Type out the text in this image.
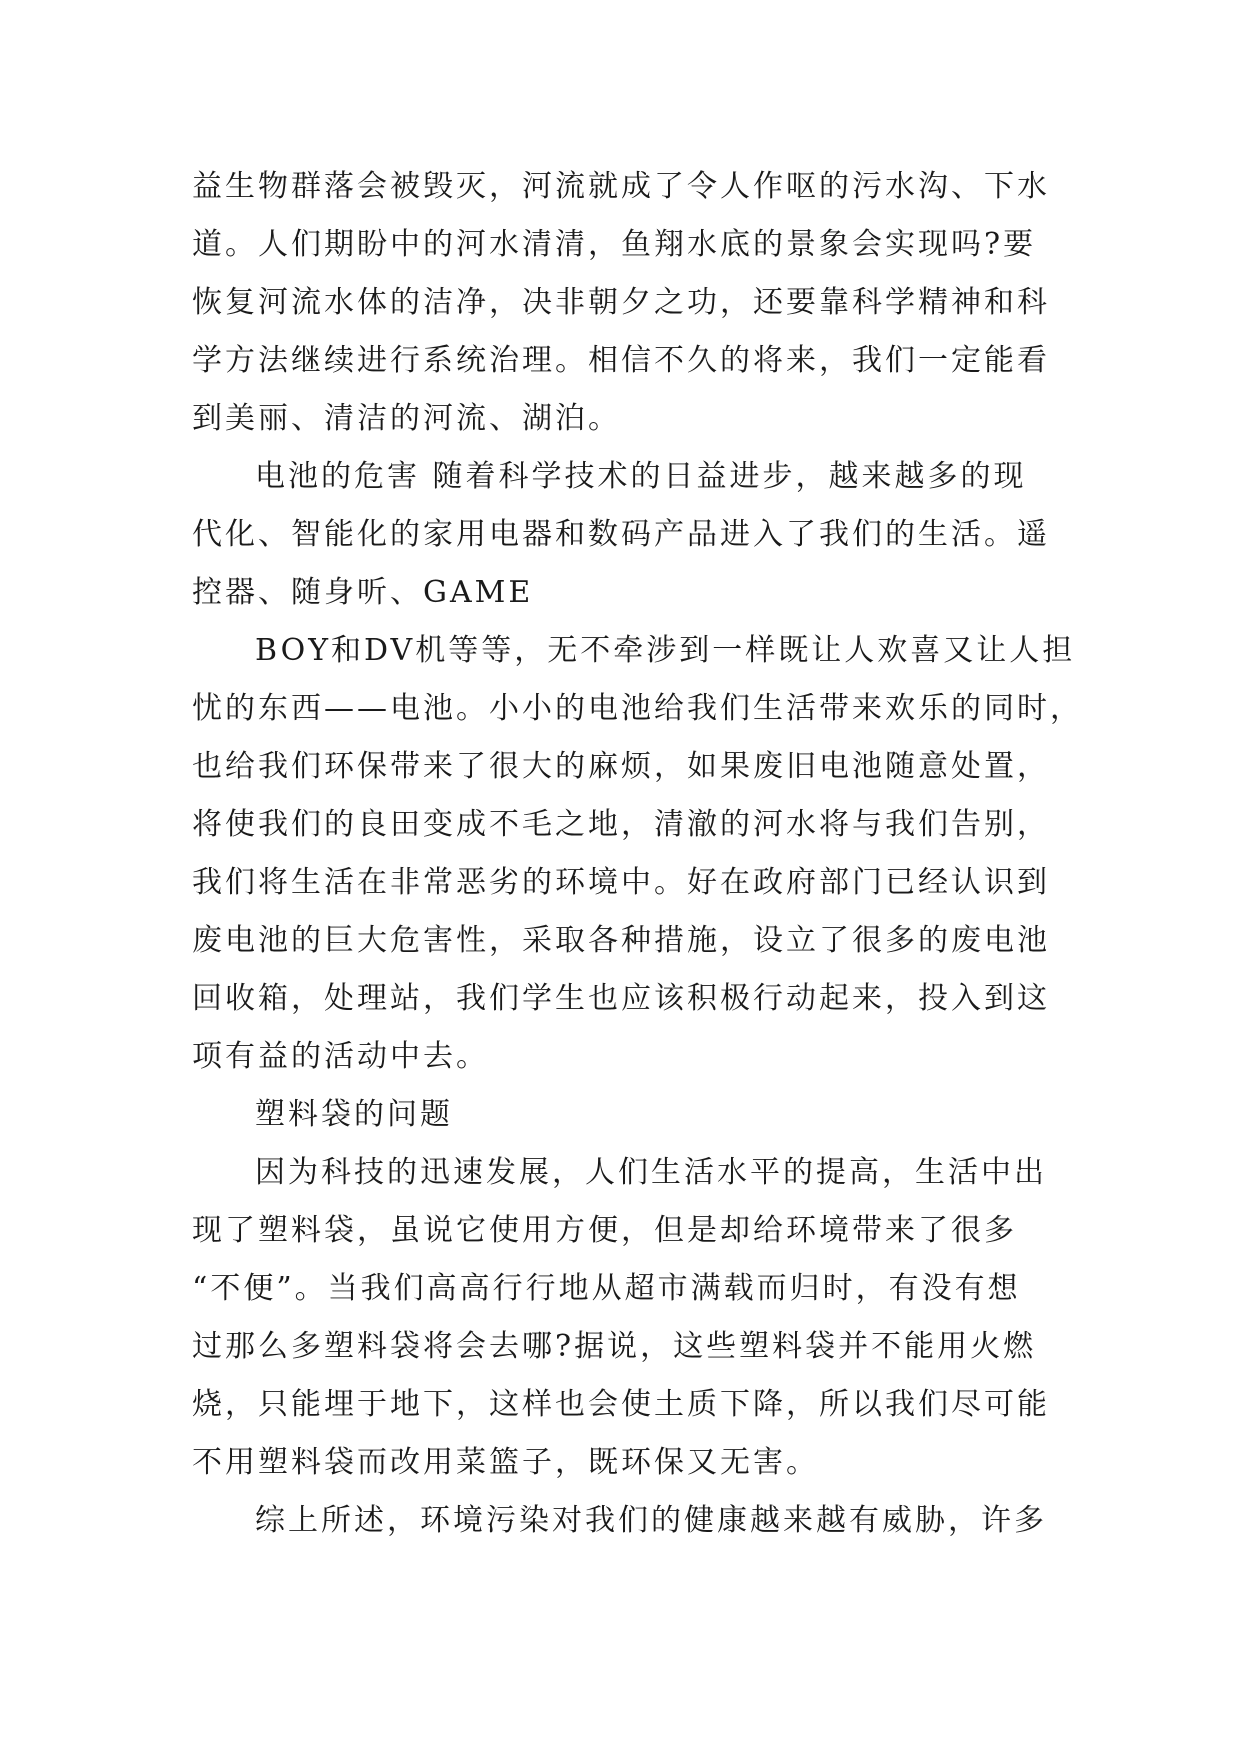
益生物群落会被毁灭，河流就成了令人作呕的污水沟、下水
道。人们期盼中的河水清清，鱼翔水底的景象会实现吗?要
恢复河流水体的洁净，决非朝夕之功，还要靠科学精神和科
学方法继续进行系统治理。相信不久的将来，我们一定能看
到美丽、清洁的河流、湖泊。
电池的危害 随着科学技术的日益进步，越来越多的现
代化、智能化的家用电器和数码产品进入了我们的生活。遥
控器、随身听、GAME
BOY和DV机等等，无不牵涉到一样既让人欢喜又让人担
忧的东西——电池。小小的电池给我们生活带来欢乐的同时，
也给我们环保带来了很大的麻烦，如果废旧电池随意处置，
将使我们的良田变成不毛之地，清澈的河水将与我们告别，
我们将生活在非常恶劣的环境中。好在政府部门已经认识到
废电池的巨大危害性，采取各种措施，设立了很多的废电池
回收箱，处理站，我们学生也应该积极行动起来，投入到这
项有益的活动中去。
塑料袋的问题
因为科技的迅速发展，人们生活水平的提高，生活中出
现了塑料袋，虽说它使用方便，但是却给环境带来了很多
“不便”。当我们高高行行地从超市满载而归时，有没有想
过那么多塑料袋将会去哪?据说，这些塑料袋并不能用火燃
烧，只能埋于地下，这样也会使土质下降，所以我们尽可能
不用塑料袋而改用菜篮子，既环保又无害。
综上所述，环境污染对我们的健康越来越有威胁，许多
